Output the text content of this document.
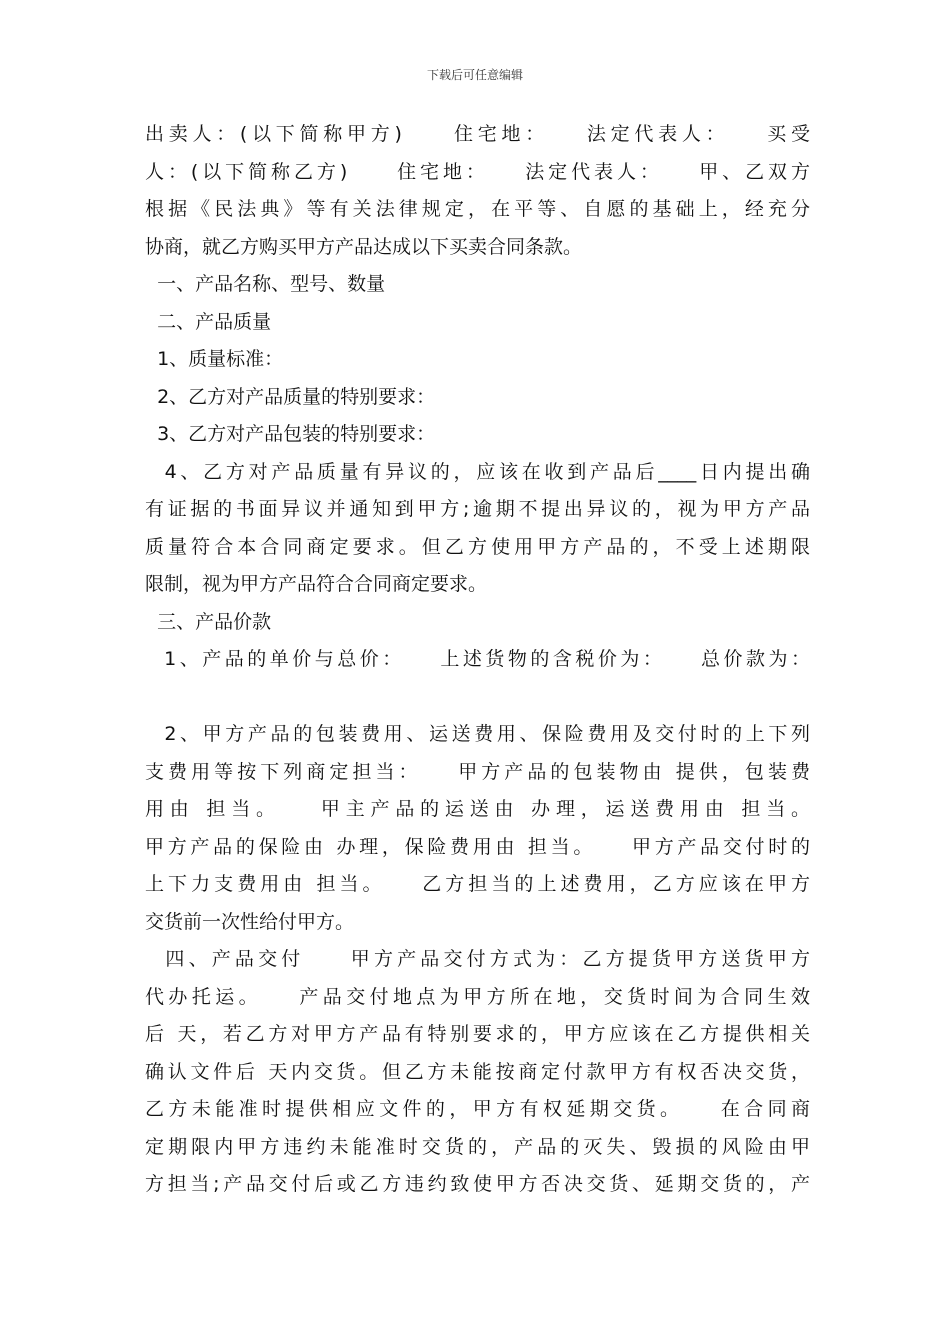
下载后可任意编辑
出卖人：(以下简称甲方)　　住宅地：　　法定代表人：　　买受
人：(以下简称乙方)　　住宅地：　　法定代表人：　　甲、乙双方
根据《民法典》等有关法律规定，在平等、自愿的基础上，经充分
协商，就乙方购买甲方产品达成以下买卖合同条款。
一、产品名称、型号、数量
二、产品质量
1、质量标准：
2、乙方对产品质量的特别要求：
3、乙方对产品包装的特别要求：
4、乙方对产品质量有异议的，应该在收到产品后____日内提出确
有证据的书面异议并通知到甲方;逾期不提出异议的，视为甲方产品
质量符合本合同商定要求。但乙方使用甲方产品的，不受上述期限
限制，视为甲方产品符合合同商定要求。
三、产品价款
1、产品的单价与总价：　　上述货物的含税价为：　　总价款为：
2、甲方产品的包装费用、运送费用、保险费用及交付时的上下列
支费用等按下列商定担当：　　甲方产品的包装物由 提供，包装费
用由 担当。　　甲主产品的运送由 办理，运送费用由 担当。
甲方产品的保险由 办理，保险费用由 担当。　　甲方产品交付时的
上下力支费用由 担当。　　乙方担当的上述费用，乙方应该在甲方
交货前一次性给付甲方。
四、产品交付　　甲方产品交付方式为：乙方提货甲方送货甲方
代办托运。　　产品交付地点为甲方所在地，交货时间为合同生效
后 天，若乙方对甲方产品有特别要求的，甲方应该在乙方提供相关
确认文件后 天内交货。但乙方未能按商定付款甲方有权否决交货，
乙方未能准时提供相应文件的，甲方有权延期交货。　　在合同商
定期限内甲方违约未能准时交货的，产品的灭失、毁损的风险由甲
方担当;产品交付后或乙方违约致使甲方否决交货、延期交货的，产
